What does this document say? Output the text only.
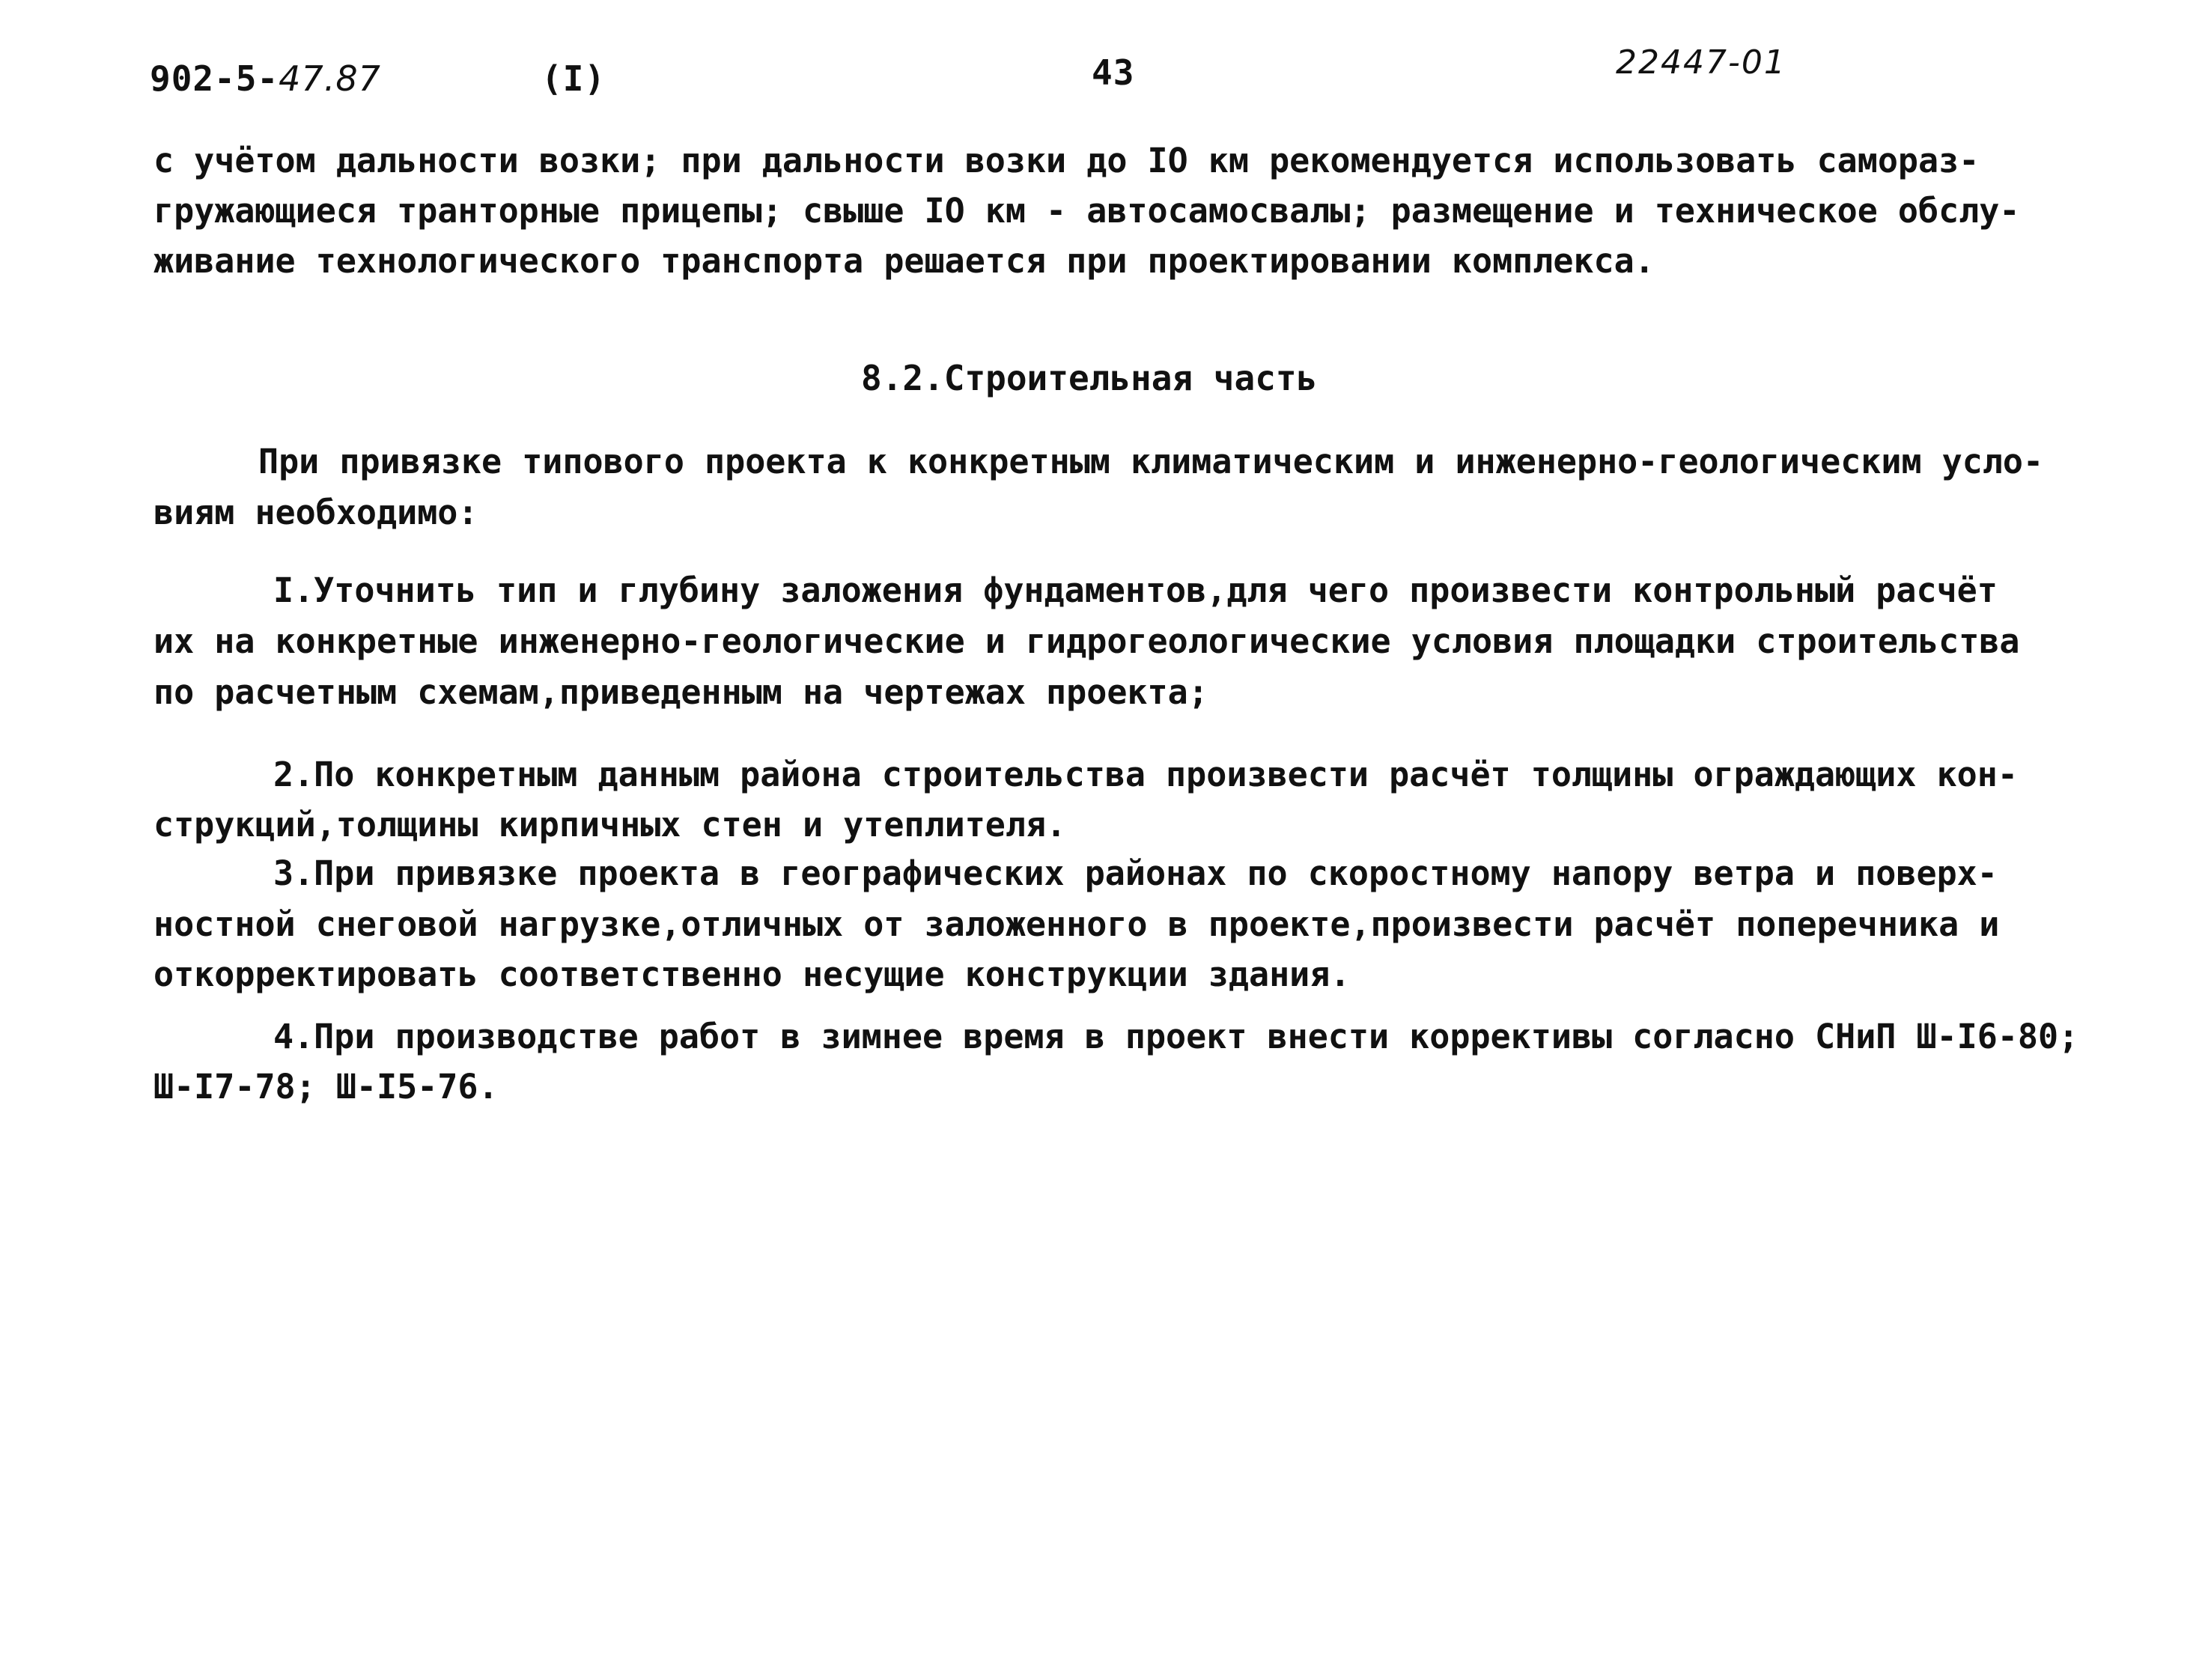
902-5-47.87	(I)	43	22447-01
с учётом дальности возки; при дальности возки до IO км рекомендуется использовать самораз-
гружающиеся транторные прицепы; свыше IO км - автосамосвалы; размещение и техническое обслу-
живание технологического транспорта решается при проектировании комплекса.
8.2.Строительная часть
При привязке типового проекта к конкретным климатическим и инженерно-геологическим усло-
виям необходимо:
I.Уточнить тип и глубину заложения фундаментов,для чего произвести контрольный расчёт
их на конкретные инженерно-геологические и гидрогеологические условия площадки строительства
по расчетным схемам,приведенным на чертежах проекта;
2.По конкретным данным района строительства произвести расчёт толщины ограждающих кон-
струкций,толщины кирпичных стен и утеплителя.
3.При привязке проекта в географических районах по скоростному напору ветра и поверх-
ностной снеговой нагрузке,отличных от заложенного в проекте,произвести расчёт поперечника и
откорректировать соответственно несущие конструкции здания.
4.При производстве работ в зимнее время в проект внести коррективы согласно СНиП Ш-I6-80;
Ш-I7-78; Ш-I5-76.
